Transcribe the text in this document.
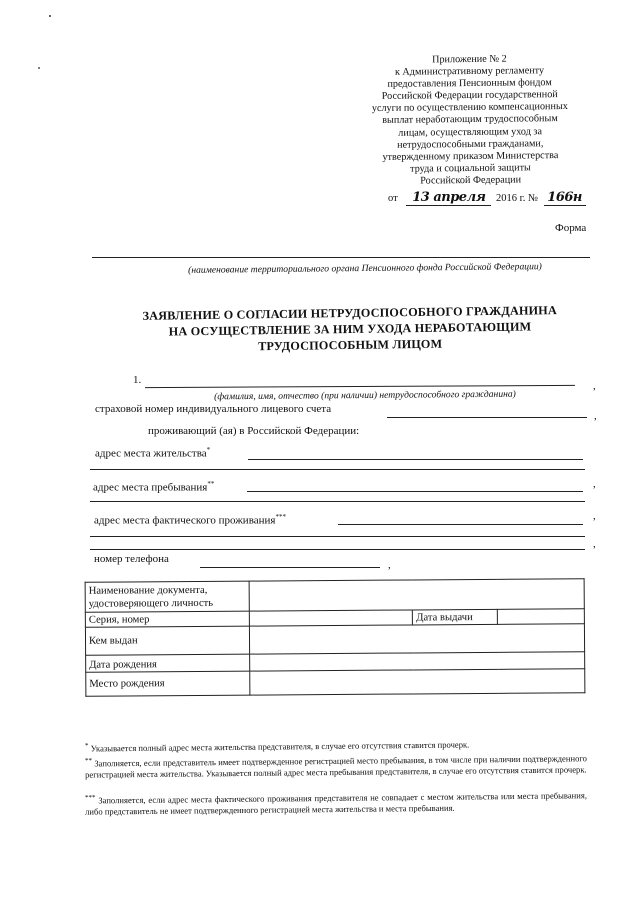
Приложение № 2
к Административному регламенту
предоставления Пенсионным фондом
Российской Федерации государственной
услуги по осуществлению компенсационных
выплат неработающим трудоспособным
лицам, осуществляющим уход за
нетрудоспособными гражданами,
утвержденному приказом Министерства
труда и социальной защиты
Российской Федерации
от 13 апреля 2016 г. № 166н
Форма
(наименование территориального органа Пенсионного фонда Российской Федерации)
ЗАЯВЛЕНИЕ О СОГЛАСИИ НЕТРУДОСПОСОБНОГО ГРАЖДАНИНА
НА ОСУЩЕСТВЛЕНИЕ ЗА НИМ УХОДА НЕРАБОТАЮЩИМ
ТРУДОСПОСОБНЫМ ЛИЦОМ
1.	,
(фамилия, имя, отчество (при наличии) нетрудоспособного гражданина)
страховой номер индивидуального лицевого счета
,
проживающий (ая) в Российской Федерации:
адрес места жительства*
адрес места пребывания**	,
адрес места фактического проживания***	,
,
номер телефона	,
Наименование документа, удостоверяющего личность			
Серия, номер		Дата выдачи	
Кем выдан			
Дата рождения			
Место рождения			
* Указывается полный адрес места жительства представителя, в случае его отсутствия ставится прочерк.
** Заполняется, если представитель имеет подтвержденное регистрацией место пребывания, в том числе при наличии подтвержденного регистрацией места жительства. Указывается полный адрес места пребывания представителя, в случае его отсутствия ставится прочерк.
*** Заполняется, если адрес места фактического проживания представителя не совпадает с местом жительства или места пребывания, либо представитель не имеет подтвержденного регистрацией места жительства и места пребывания.
